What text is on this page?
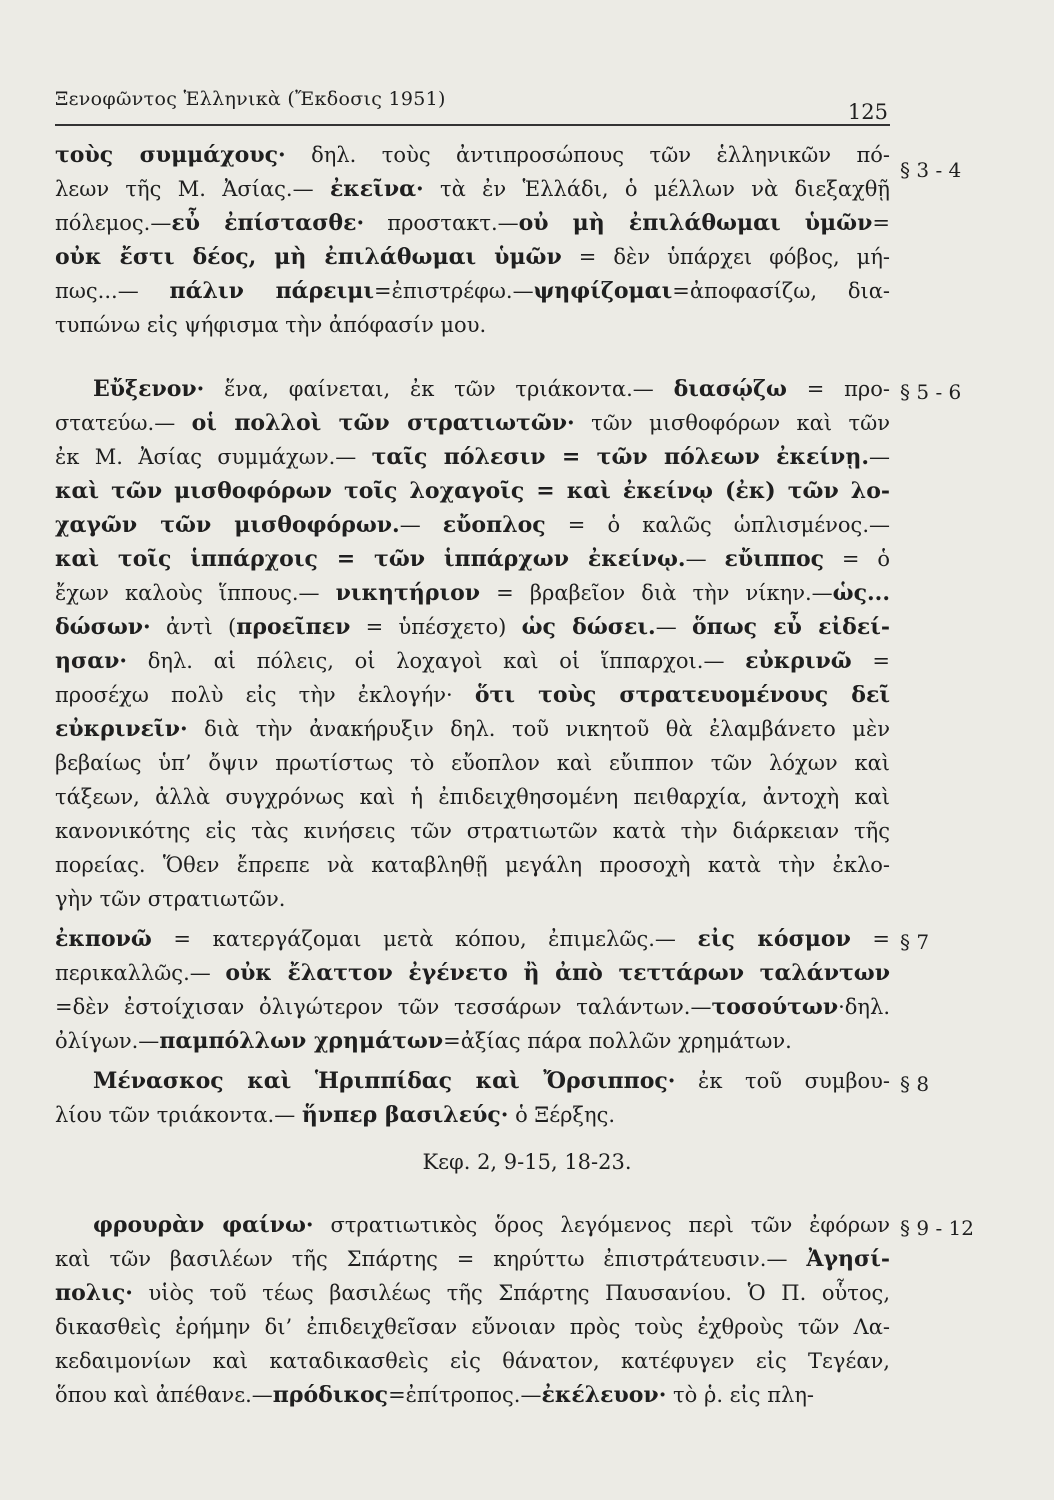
Ξενοφῶντος Ἑλληνικὰ (Ἔκδοσις 1951)
125
τοὺς συμμάχους· δηλ. τοὺς ἀντιπροσώπους τῶν ἑλληνικῶν πό-
λεων τῆς Μ. Ἀσίας.— ἐκεῖνα· τὰ ἐν Ἑλλάδι, ὁ μέλλων νὰ διεξαχθῇ
πόλεμος.—εὖ ἐπίστασθε· προστακτ.—οὐ μὴ ἐπιλάθωμαι ὑμῶν=
οὐκ ἔστι δέος, μὴ ἐπιλάθωμαι ὑμῶν = δὲν ὑπάρχει φόβος, μή-
πως...— πάλιν πάρειμι=ἐπιστρέφω.—ψηφίζομαι=ἀποφασίζω, δια-
τυπώνω εἰς ψήφισμα τὴν ἀπόφασίν μου.
Εὔξενον· ἕνα, φαίνεται, ἐκ τῶν τριάκοντα.— διασῴζω = προ-
στατεύω.— οἱ πολλοὶ τῶν στρατιωτῶν· τῶν μισθοφόρων καὶ τῶν
ἐκ Μ. Ἀσίας συμμάχων.— ταῖς πόλεσιν = τῶν πόλεων ἐκείνῃ.—
καὶ τῶν μισθοφόρων τοῖς λοχαγοῖς = καὶ ἐκείνῳ (ἐκ) τῶν λο-
χαγῶν τῶν μισθοφόρων.— εὔοπλος = ὁ καλῶς ὡπλισμένος.—
καὶ τοῖς ἱππάρχοις = τῶν ἱππάρχων ἐκείνῳ.— εὔιππος = ὁ
ἔχων καλοὺς ἵππους.— νικητήριον = βραβεῖον διὰ τὴν νίκην.—ὡς...
δώσων· ἀντὶ (προεῖπεν = ὑπέσχετο) ὡς δώσει.— ὅπως εὖ εἰδεί-
ησαν· δηλ. αἱ πόλεις, οἱ λοχαγοὶ καὶ οἱ ἵππαρχοι.— εὐκρινῶ =
προσέχω πολὺ εἰς τὴν ἐκλογήν· ὅτι τοὺς στρατευομένους δεῖ
εὐκρινεῖν· διὰ τὴν ἀνακήρυξιν δηλ. τοῦ νικητοῦ θὰ ἐλαμβάνετο μὲν
βεβαίως ὑπ’ ὄψιν πρωτίστως τὸ εὔοπλον καὶ εὔιππον τῶν λόχων καὶ
τάξεων, ἀλλὰ συγχρόνως καὶ ἡ ἐπιδειχθησομένη πειθαρχία, ἀντοχὴ καὶ
κανονικότης εἰς τὰς κινήσεις τῶν στρατιωτῶν κατὰ τὴν διάρκειαν τῆς
πορείας. Ὅθεν ἔπρεπε νὰ καταβληθῇ μεγάλη προσοχὴ κατὰ τὴν ἐκλο-
γὴν τῶν στρατιωτῶν.
ἐκπονῶ = κατεργάζομαι μετὰ κόπου, ἐπιμελῶς.— εἰς κόσμον =
περικαλλῶς.— οὐκ ἔλαττον ἐγένετο ἢ ἀπὸ τεττάρων ταλάντων
=δὲν ἐστοίχισαν ὀλιγώτερον τῶν τεσσάρων ταλάντων.—τοσούτων·δηλ.
ὀλίγων.—παμπόλλων χρημάτων=ἀξίας πάρα πολλῶν χρημάτων.
Μένασκος καὶ Ἡριππίδας καὶ Ὄρσιππος· ἐκ τοῦ συμβου-
λίου τῶν τριάκοντα.— ἥνπερ βασιλεύς· ὁ Ξέρξης.
φρουρὰν φαίνω· στρατιωτικὸς ὅρος λεγόμενος περὶ τῶν ἐφόρων
καὶ τῶν βασιλέων τῆς Σπάρτης = κηρύττω ἐπιστράτευσιν.— Ἀγησί-
πολις· υἱὸς τοῦ τέως βασιλέως τῆς Σπάρτης Παυσανίου. Ὁ Π. οὗτος,
δικασθεὶς ἐρήμην δι’ ἐπιδειχθεῖσαν εὔνοιαν πρὸς τοὺς ἐχθροὺς τῶν Λα-
κεδαιμονίων καὶ καταδικασθεὶς εἰς θάνατον, κατέφυγεν εἰς Τεγέαν,
ὅπου καὶ ἀπέθανε.—πρόδικος=ἐπίτροπος.—ἐκέλευον· τὸ ῥ. εἰς πλη-
Κεφ. 2, 9-15, 18-23.
§ 3 - 4
§ 5 - 6
§ 7
§ 8
§ 9 - 12
